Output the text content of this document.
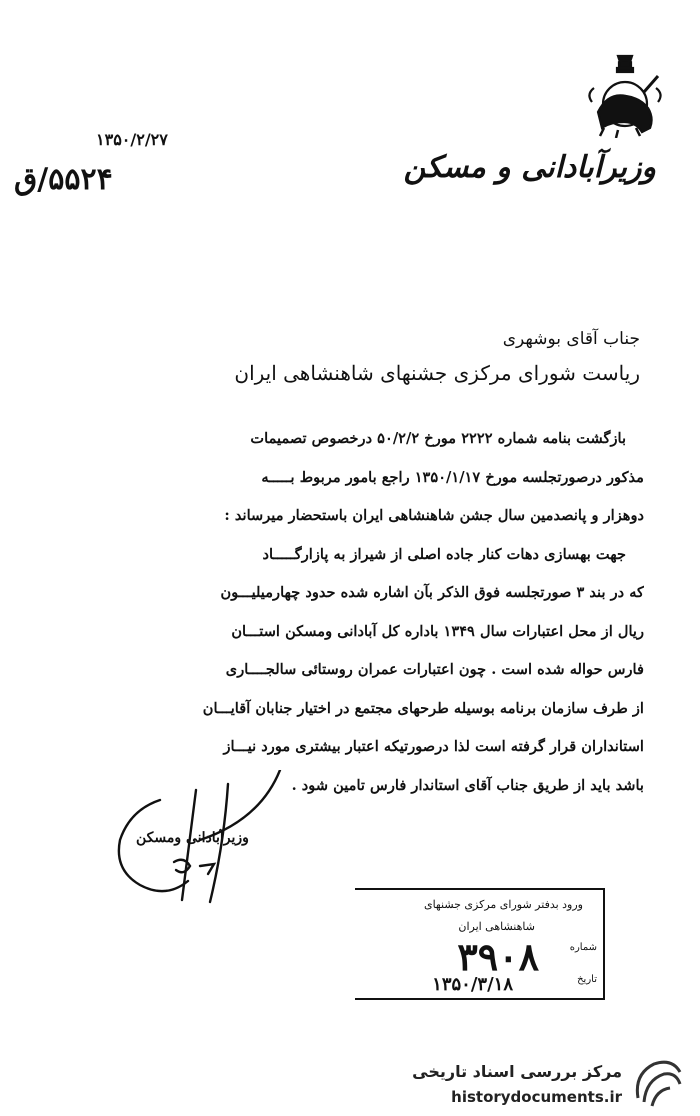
وزیرآبادانی و مسکن
۱۳۵۰/۲/۲۷
۵۵۲۴/ق
جناب آقای بوشهری
ریاست شورای مرکزی جشنهای شاهنشاهی ایران
بازگشت بنامه شماره ۲۲۲۲ مورخ ۵۰/۲/۲ درخصوص تصمیمات
مذکور درصورتجلسه مورخ ۱۳۵۰/۱/۱۷ راجع بامور مربوط بـــــه
دوهزار و پانصدمین سال جشن شاهنشاهی ایران باستحضار میرساند :
جهت بهسازی دهات کنار جاده اصلی از شیراز به پازارگـــــاد
که در بند ۳ صورتجلسه فوق الذکر بآن اشاره شده حدود چهارمیلیـــون
ریال از محل اعتبارات سال ۱۳۴۹ باداره کل آبادانی ومسکن استـــان
فارس حواله شده است . چون اعتبارات عمران روستائی سالجــــاری
از طرف سازمان برنامه بوسیله طرحهای مجتمع در اختیار جنابان آقایـــان
استانداران قرار گرفته است لذا درصورتیکه اعتبار بیشتری مورد نیـــاز
باشد باید از طریق جناب آقای استاندار فارس تامین شود .
وزیرآبادانی ومسکن
ورود بدفتر شورای مرکزی جشنهای
شاهنشاهی ایران
شماره
۳۹۰۸
تاریخ
۱۳۵۰/۳/۱۸
مرکز بررسی اسناد تاریخی
historydocuments.ir
